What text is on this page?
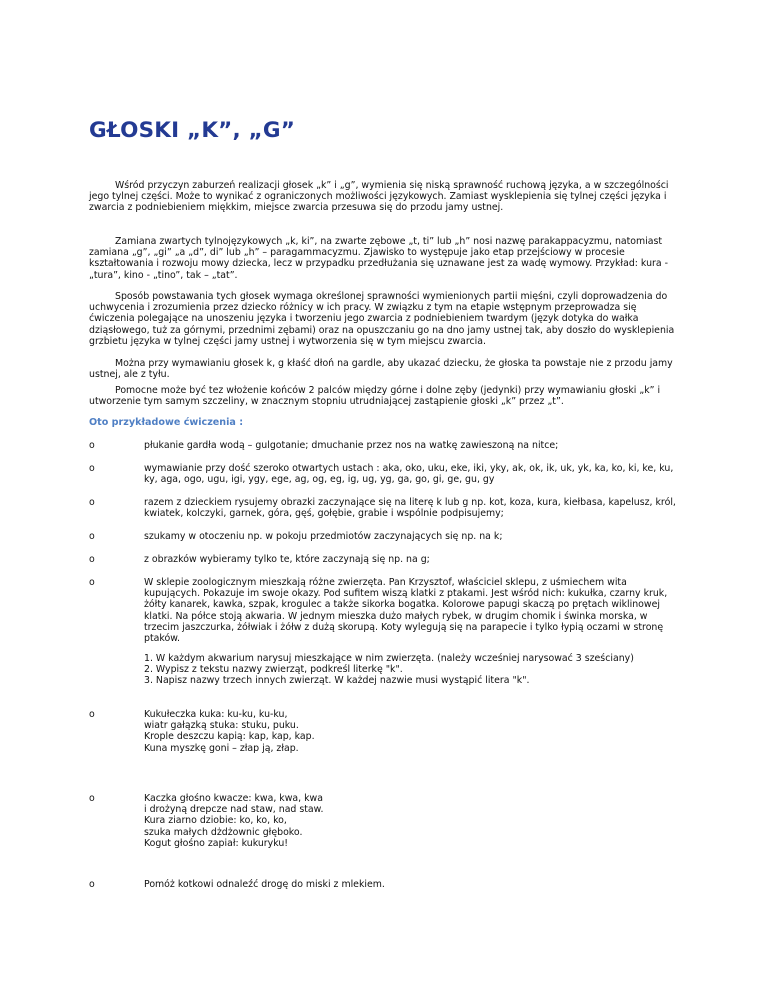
GŁOSKI „K”, „G”

Wśród przyczyn zaburzeń realizacji głosek „k” i „g”, wymienia się niską sprawność ruchową języka, a w szczególności jego tylnej części. Może to wynikać z ograniczonych możliwości językowych. Zamiast wysklepienia się tylnej części języka i zwarcia z podniebieniem miękkim, miejsce zwarcia przesuwa się do przodu jamy ustnej.

Zamiana zwartych tylnojęzykowych „k, ki”, na zwarte zębowe „t, ti” lub „h” nosi nazwę parakappacyzmu, natomiast zamiana „g”, „gi” „a „d”, di” lub „h” – paragammacyzmu. Zjawisko to występuje jako etap przejściowy w procesie kształtowania i rozwoju mowy dziecka, lecz w przypadku przedłużania się uznawane jest za wadę wymowy. Przykład: kura - „tura”, kino - „tino”, tak – „tat”.

Sposób powstawania tych głosek wymaga określonej sprawności wymienionych partii mięśni, czyli doprowadzenia do uchwycenia i zrozumienia przez dziecko różnicy w ich pracy. W związku z tym na etapie wstępnym przeprowadza się ćwiczenia polegające na unoszeniu języka i tworzeniu jego zwarcia z podniebieniem twardym (język dotyka do wałka dziąsłowego, tuż za górnymi, przednimi zębami) oraz na opuszczaniu go na dno jamy ustnej tak, aby doszło do wysklepienia grzbietu języka w tylnej części jamy ustnej i wytworzenia się w tym miejscu zwarcia.

Można przy wymawianiu głosek k, g kłaść dłoń na gardle, aby ukazać dziecku, że głoska ta powstaje nie z przodu jamy ustnej, ale z tyłu.

Pomocne może być tez włożenie końców 2 palców między górne i dolne zęby (jedynki) przy wymawianiu głoski „k” i utworzenie tym samym szczeliny, w znacznym stopniu utrudniającej zastąpienie głoski „k” przez „t”.

Oto przykładowe ćwiczenia :
o	płukanie gardła wodą – gulgotanie; dmuchanie przez nos na watkę zawieszoną na nitce;
o	wymawianie przy dość szeroko otwartych ustach : aka, oko, uku, eke, iki, yky, ak, ok, ik, uk, yk, ka, ko, ki, ke, ku, ky, aga, ogo, ugu, igi, ygy, ege, ag, og, eg, ig, ug, yg, ga, go, gi, ge, gu, gy
o	razem z dzieckiem rysujemy obrazki zaczynające się na literę k lub g np. kot, koza, kura, kiełbasa, kapelusz, król, kwiatek, kolczyki, garnek, góra, gęś, gołębie, grabie i wspólnie podpisujemy;
o	szukamy w otoczeniu np. w pokoju przedmiotów zaczynających się np. na k;
o	z obrazków wybieramy tylko te, które zaczynają się np. na g;
o	W sklepie zoologicznym mieszkają różne zwierzęta. Pan Krzysztof, właściciel sklepu, z uśmiechem wita kupujących. Pokazuje im swoje okazy. Pod sufitem wiszą klatki z ptakami. Jest wśród nich: kukułka, czarny kruk, żółty kanarek, kawka, szpak, krogulec a także sikorka bogatka. Kolorowe papugi skaczą po prętach wiklinowej klatki. Na półce stoją akwaria. W jednym mieszka dużo małych rybek, w drugim chomik i świnka morska, w trzecim jaszczurka, żółwiak i żółw z dużą skorupą. Koty wylegują się na parapecie i tylko łypią oczami w stronę ptaków.
1. W każdym akwarium narysuj mieszkające w nim zwierzęta. (należy wcześniej narysować 3 sześciany)
2. Wypisz z tekstu nazwy zwierząt, podkreśl literkę "k".
3. Napisz nazwy trzech innych zwierząt. W każdej nazwie musi wystąpić litera "k".
o	Kukułeczka kuka: ku-ku, ku-ku,
wiatr gałązką stuka: stuku, puku.
Krople deszczu kapią: kap, kap, kap.
Kuna myszkę goni – złap ją, złap.
o	Kaczka głośno kwacze: kwa, kwa, kwa
i drożyną drepcze nad staw, nad staw.
Kura ziarno dziobie: ko, ko, ko,
szuka małych dżdżownic głęboko.
Kogut głośno zapiał: kukuryku!
o	Pomóż kotkowi odnaleźć drogę do miski z mlekiem.
